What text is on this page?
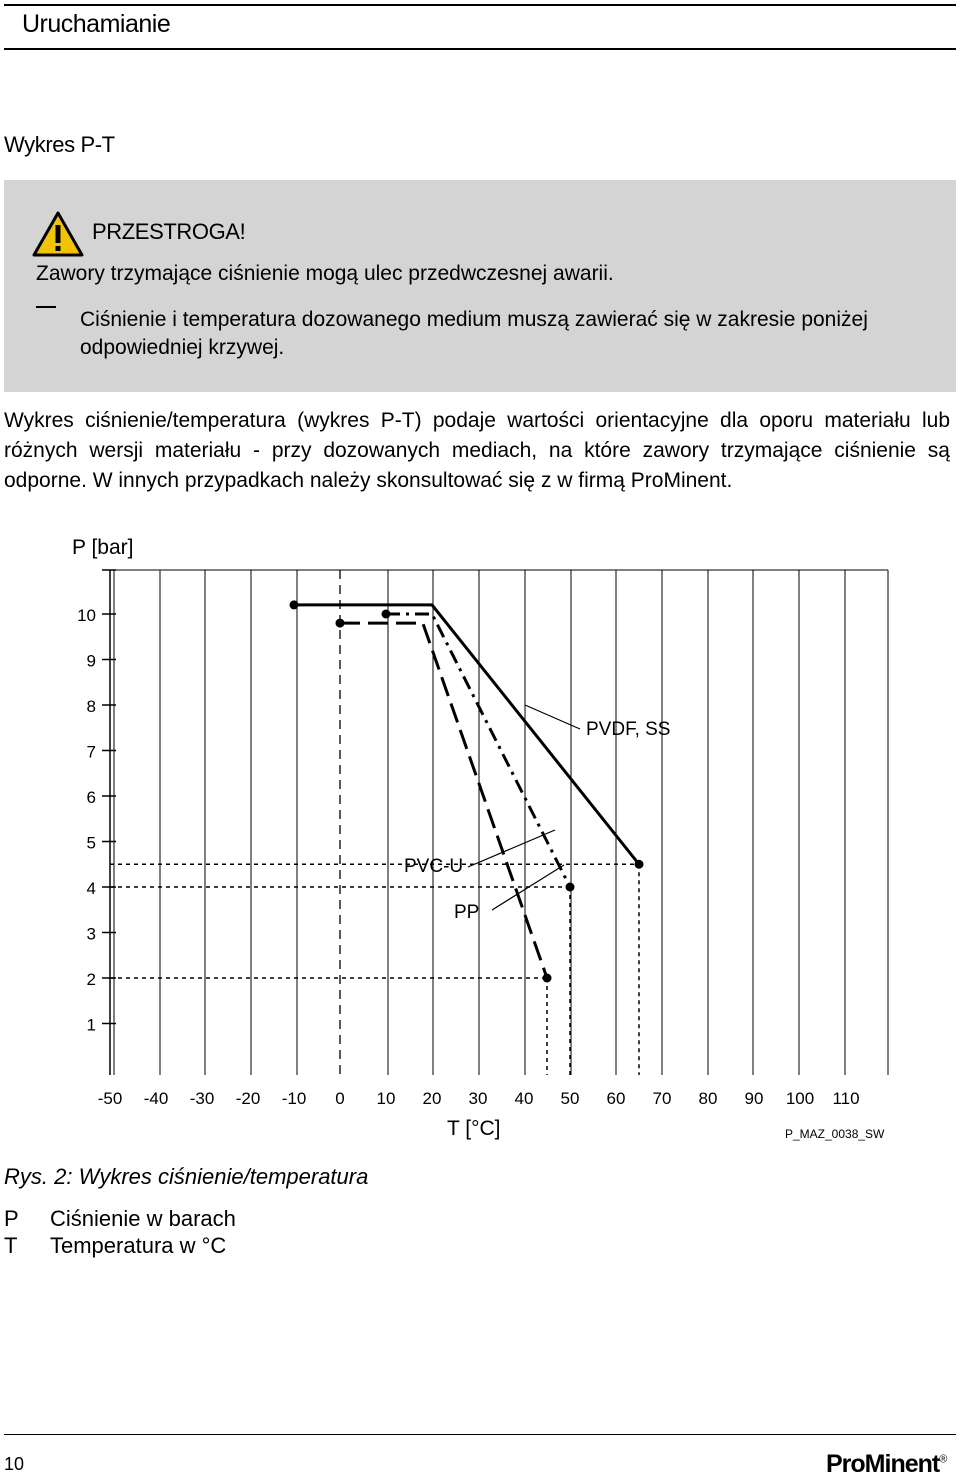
Uruchamianie
Wykres P-T
PRZESTROGA!
Zawory trzymające ciśnienie mogą ulec przedwczesnej awarii.
Ciśnienie i temperatura dozowanego medium muszą zawierać się w zakresie poniżej odpowiedniej krzywej.
Wykres ciśnienie/temperatura (wykres P-T) podaje wartości orientacyjne dla oporu materiału lub różnych wersji materiału - przy dozowanych mediach, na które zawory trzymające ciśnienie są odporne. W innych przypadkach należy skonsultować się z w firmą ProMinent.
10
9
8
7
6
5
4
3
2
1
-50 -40 -30 -20 -10 0 10 20 30 40 50 60 70 80 90 100 110
P [bar]
T [°C]	P_MAZ_0038_SW
PVDF, SS
PVC-U
PP
Rys. 2: Wykres ciśnienie/temperatura
P Ciśnienie w barach
T Temperatura w °C
10	ProMinent®
